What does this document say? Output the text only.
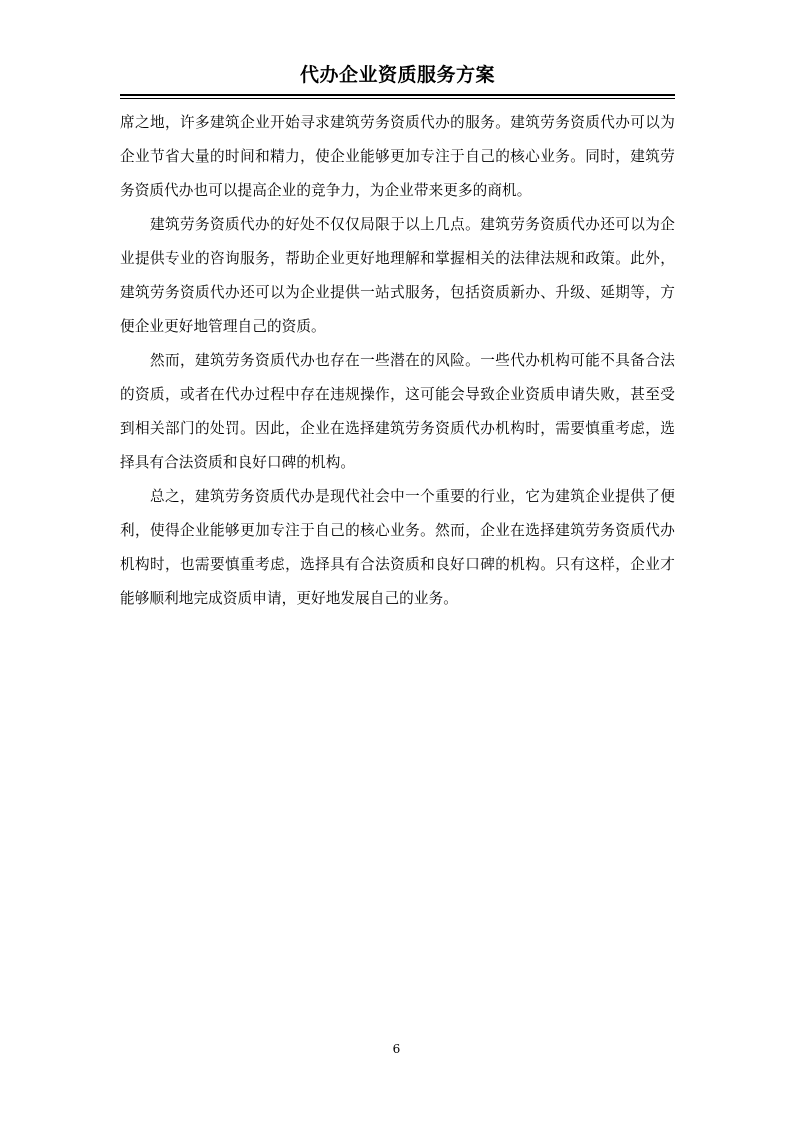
代办企业资质服务方案

席之地，许多建筑企业开始寻求建筑劳务资质代办的服务。建筑劳务资质代办可以为企业节省大量的时间和精力，使企业能够更加专注于自己的核心业务。同时，建筑劳务资质代办也可以提高企业的竞争力，为企业带来更多的商机。

建筑劳务资质代办的好处不仅仅局限于以上几点。建筑劳务资质代办还可以为企业提供专业的咨询服务，帮助企业更好地理解和掌握相关的法律法规和政策。此外，建筑劳务资质代办还可以为企业提供一站式服务，包括资质新办、升级、延期等，方便企业更好地管理自己的资质。

然而，建筑劳务资质代办也存在一些潜在的风险。一些代办机构可能不具备合法的资质，或者在代办过程中存在违规操作，这可能会导致企业资质申请失败，甚至受到相关部门的处罚。因此，企业在选择建筑劳务资质代办机构时，需要慎重考虑，选择具有合法资质和良好口碑的机构。

总之，建筑劳务资质代办是现代社会中一个重要的行业，它为建筑企业提供了便利，使得企业能够更加专注于自己的核心业务。然而，企业在选择建筑劳务资质代办机构时，也需要慎重考虑，选择具有合法资质和良好口碑的机构。只有这样，企业才能够顺利地完成资质申请，更好地发展自己的业务。

6
